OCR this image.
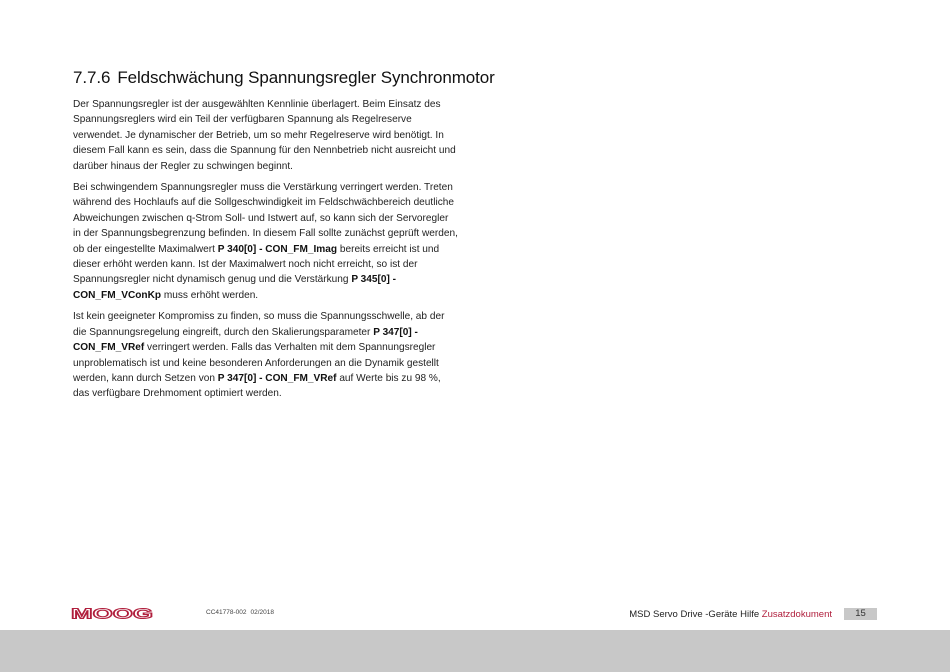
7.7.6 Feldschwächung Spannungsregler Synchronmotor

Der Spannungsregler ist der ausgewählten Kennlinie überlagert. Beim Einsatz des Spannungsreglers wird ein Teil der verfügbaren Spannung als Regelreserve verwendet. Je dynamischer der Betrieb, um so mehr Regelreserve wird benötigt. In diesem Fall kann es sein, dass die Spannung für den Nennbetrieb nicht ausreicht und darüber hinaus der Regler zu schwingen beginnt.

Bei schwingendem Spannungsregler muss die Verstärkung verringert werden. Treten während des Hochlaufs auf die Sollgeschwindigkeit im Feldschwächbereich deutliche Abweichungen zwischen q-Strom Soll- und Istwert auf, so kann sich der Servoregler in der Spannungsbegrenzung befinden. In diesem Fall sollte zunächst geprüft werden, ob der eingestellte Maximalwert P 340[0] - CON_FM_Imag bereits erreicht ist und dieser erhöht werden kann. Ist der Maximalwert noch nicht erreicht, so ist der Spannungsregler nicht dynamisch genug und die Verstärkung P 345[0] - CON_FM_VConKp muss erhöht werden.

Ist kein geeigneter Kompromiss zu finden, so muss die Spannungsschwelle, ab der die Spannungsregelung eingreift, durch den Skalierungsparameter P 347[0] - CON_FM_VRef verringert werden. Falls das Verhalten mit dem Spannungsregler unproblematisch ist und keine besonderen Anforderungen an die Dynamik gestellt werden, kann durch Setzen von P 347[0] - CON_FM_VRef auf Werte bis zu 98 %, das verfügbare Drehmoment optimiert werden.

MOOG	CC41778-002 02/2018	MSD Servo Drive -Geräte Hilfe Zusatzdokument	15
